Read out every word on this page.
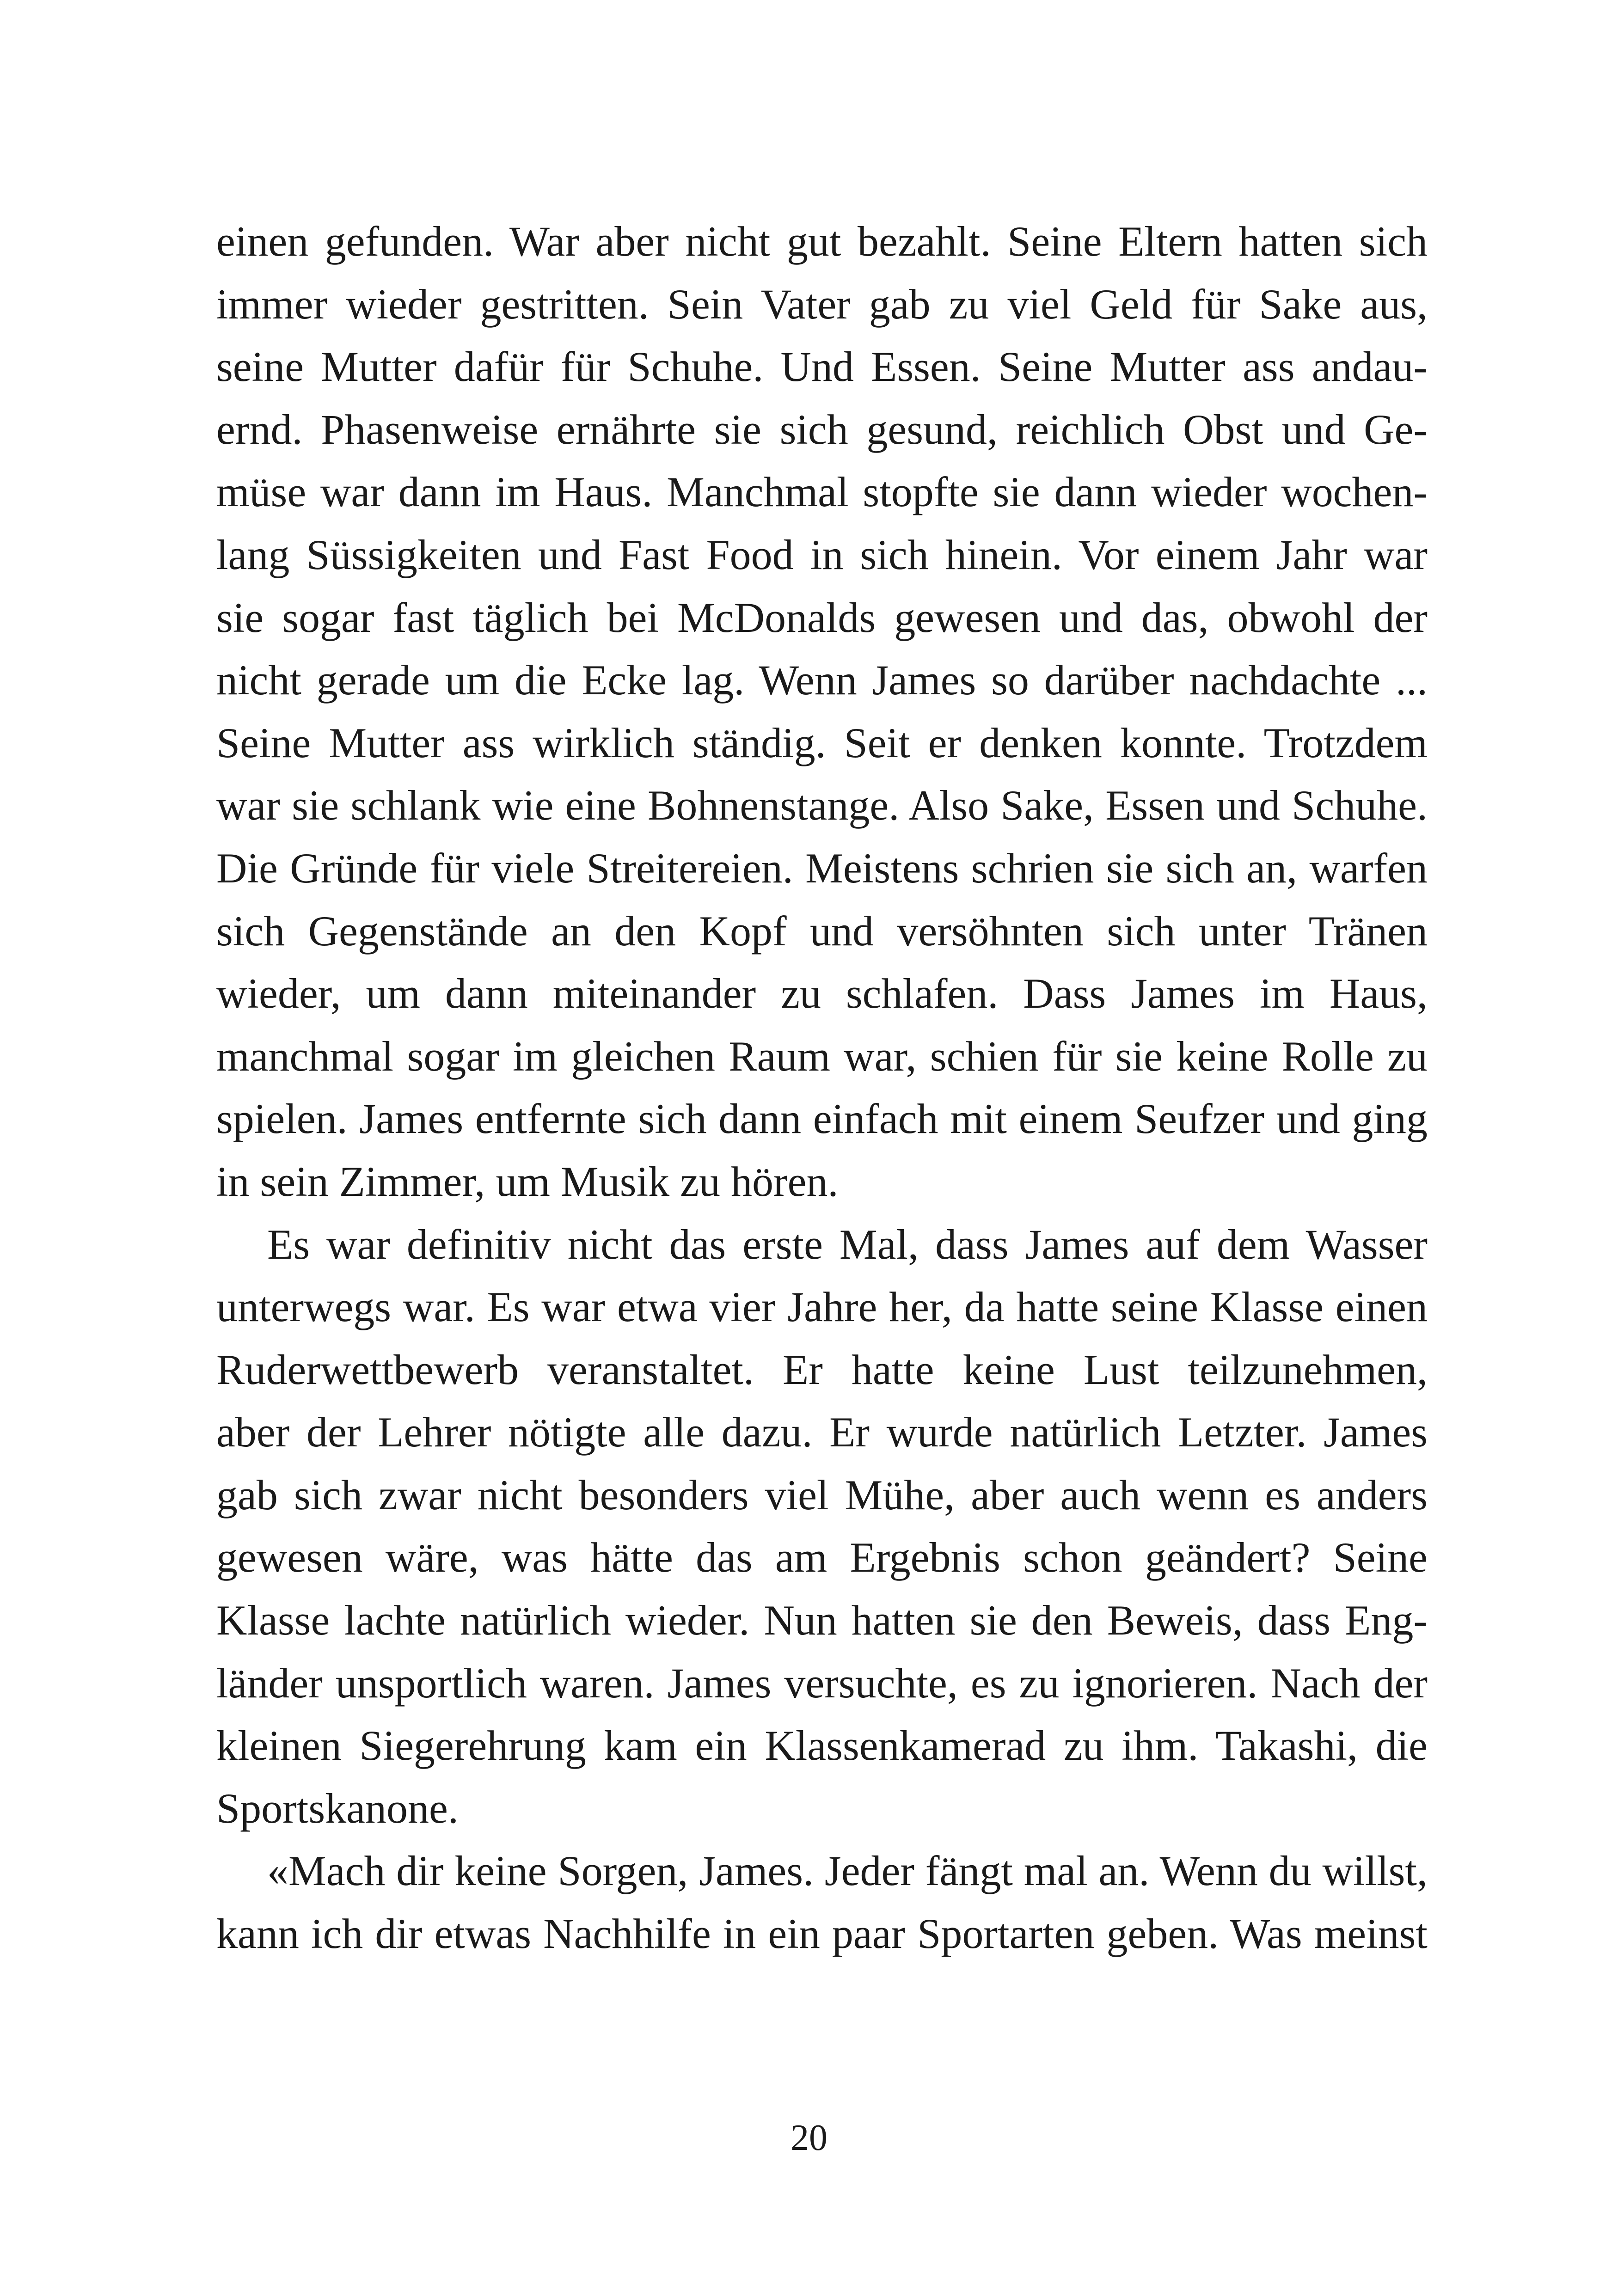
einen gefunden. War aber nicht gut bezahlt. Seine Eltern hatten sich
immer wieder gestritten. Sein Vater gab zu viel Geld für Sake aus,
seine Mutter dafür für Schuhe. Und Essen. Seine Mutter ass andau-
ernd. Phasenweise ernährte sie sich gesund, reichlich Obst und Ge-
müse war dann im Haus. Manchmal stopfte sie dann wieder wochen-
lang Süssigkeiten und Fast Food in sich hinein. Vor einem Jahr war
sie sogar fast täglich bei McDonalds gewesen und das, obwohl der
nicht gerade um die Ecke lag. Wenn James so darüber nachdachte ...
Seine Mutter ass wirklich ständig. Seit er denken konnte. Trotzdem
war sie schlank wie eine Bohnenstange. Also Sake, Essen und Schuhe.
Die Gründe für viele Streitereien. Meistens schrien sie sich an, warfen
sich Gegenstände an den Kopf und versöhnten sich unter Tränen
wieder, um dann miteinander zu schlafen. Dass James im Haus,
manchmal sogar im gleichen Raum war, schien für sie keine Rolle zu
spielen. James entfernte sich dann einfach mit einem Seufzer und ging
in sein Zimmer, um Musik zu hören.
Es war definitiv nicht das erste Mal, dass James auf dem Wasser
unterwegs war. Es war etwa vier Jahre her, da hatte seine Klasse einen
Ruderwettbewerb veranstaltet. Er hatte keine Lust teilzunehmen,
aber der Lehrer nötigte alle dazu. Er wurde natürlich Letzter. James
gab sich zwar nicht besonders viel Mühe, aber auch wenn es anders
gewesen wäre, was hätte das am Ergebnis schon geändert? Seine
Klasse lachte natürlich wieder. Nun hatten sie den Beweis, dass Eng-
länder unsportlich waren. James versuchte, es zu ignorieren. Nach der
kleinen Siegerehrung kam ein Klassenkamerad zu ihm. Takashi, die
Sportskanone.
«Mach dir keine Sorgen, James. Jeder fängt mal an. Wenn du willst,
kann ich dir etwas Nachhilfe in ein paar Sportarten geben. Was meinst
20
